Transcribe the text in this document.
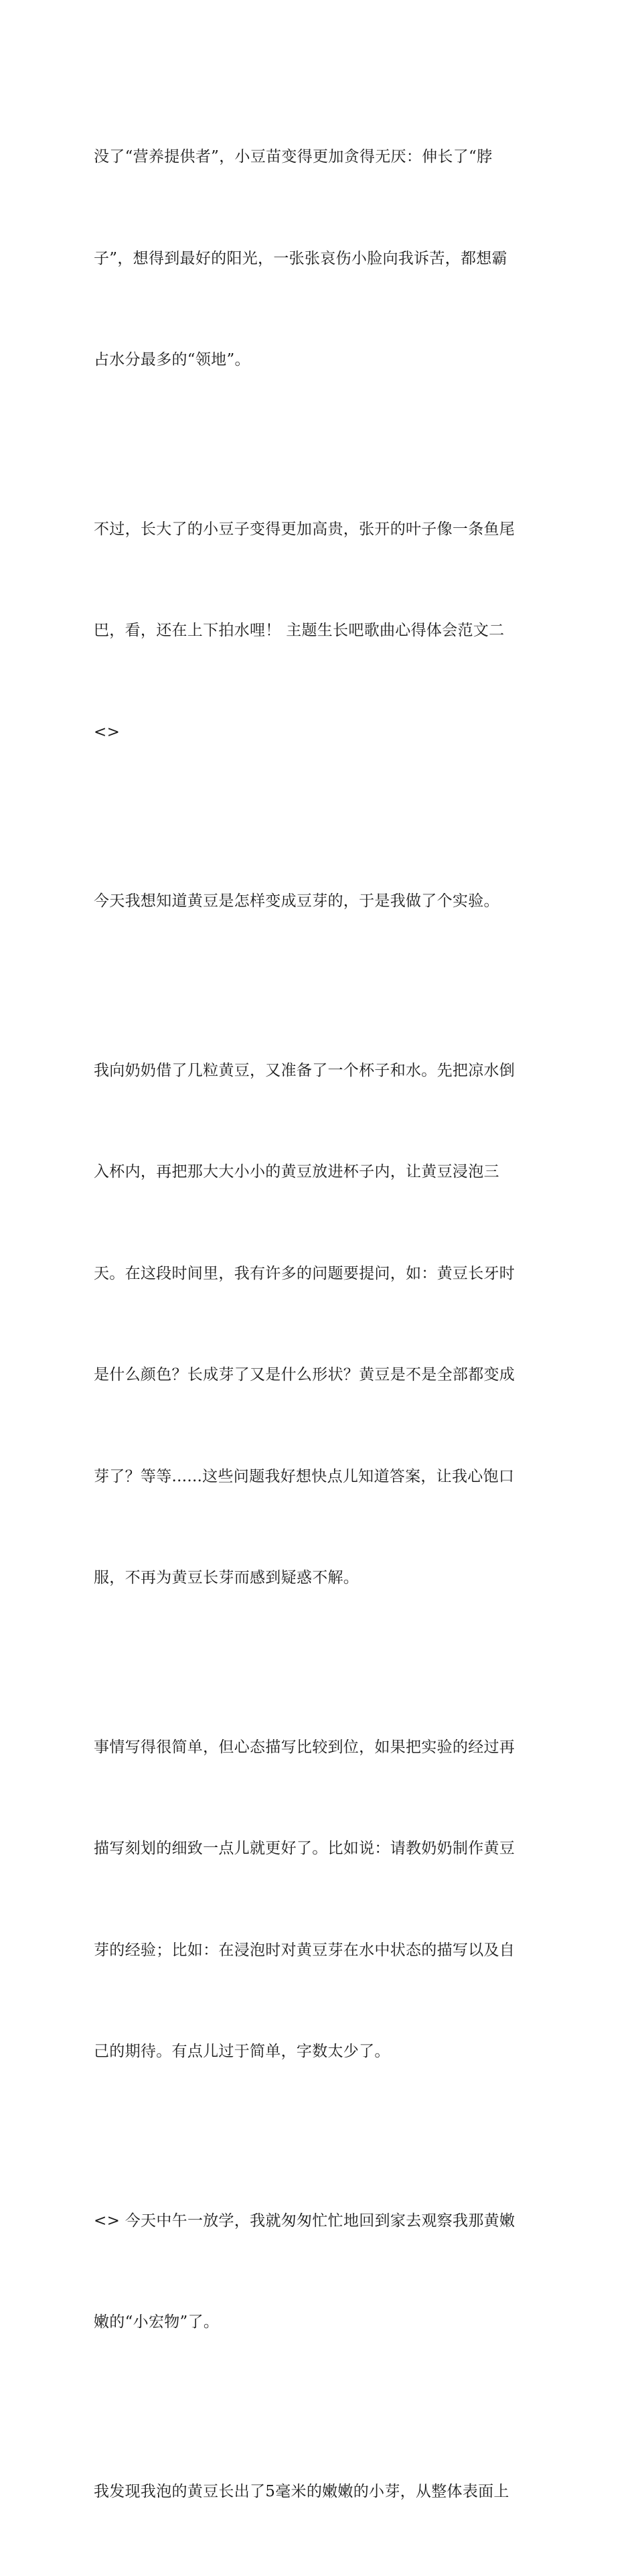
没了“营养提供者”，小豆苗变得更加贪得无厌：伸长了“脖

子”，想得到最好的阳光，一张张哀伤小脸向我诉苦，都想霸

占水分最多的“领地”。

不过，长大了的小豆子变得更加高贵，张开的叶子像一条鱼尾

巴，看，还在上下拍水哩！ 主题生长吧歌曲心得体会范文二

<>

今天我想知道黄豆是怎样变成豆芽的，于是我做了个实验。

我向奶奶借了几粒黄豆，又准备了一个杯子和水。先把凉水倒

入杯内，再把那大大小小的黄豆放进杯子内，让黄豆浸泡三

天。在这段时间里，我有许多的问题要提问，如：黄豆长牙时

是什么颜色？长成芽了又是什么形状？黄豆是不是全部都变成

芽了？等等......这些问题我好想快点儿知道答案，让我心饱口

服，不再为黄豆长芽而感到疑惑不解。

事情写得很简单，但心态描写比较到位，如果把实验的经过再

描写刻划的细致一点儿就更好了。比如说：请教奶奶制作黄豆

芽的经验；比如：在浸泡时对黄豆芽在水中状态的描写以及自

己的期待。有点儿过于简单，字数太少了。

<> 今天中午一放学，我就匆匆忙忙地回到家去观察我那黄嫩

嫩的“小宏物”了。

我发现我泡的黄豆长出了5毫米的嫩嫩的小芽，从整体表面上
